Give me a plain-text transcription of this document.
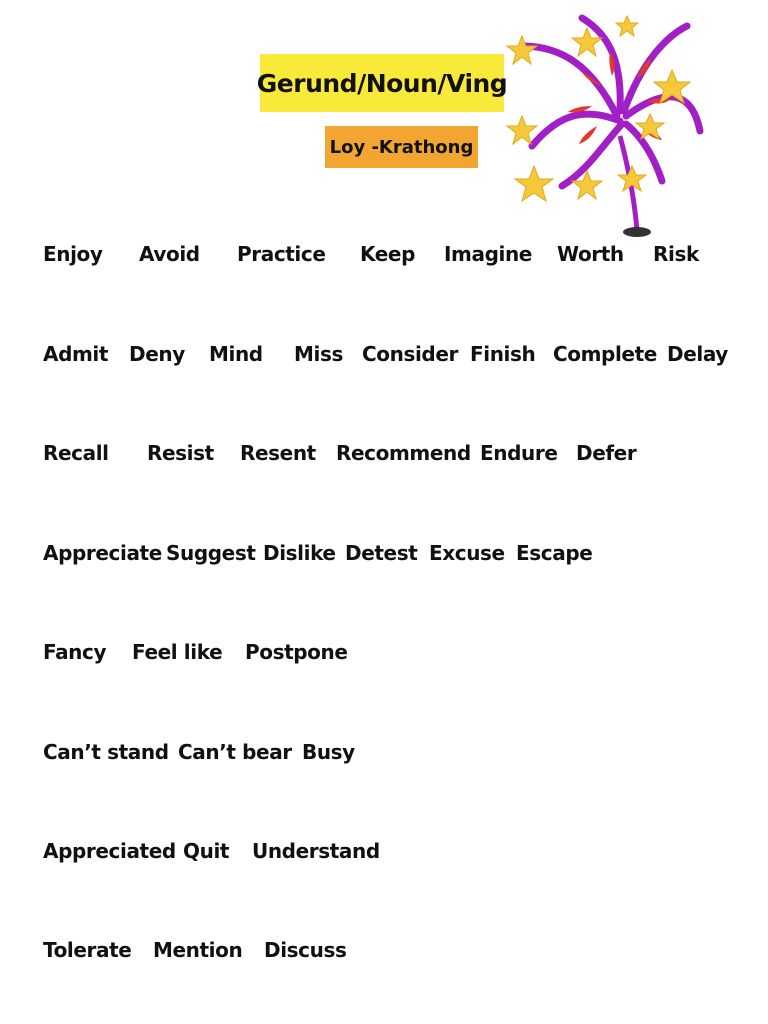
Gerund/Noun/Ving
Loy -Krathong
Enjoy Avoid Practice Keep Imagine Worth Risk
Admit Deny Mind Miss Consider Finish Complete Delay
Recall Resist Resent Recommend Endure Defer
Appreciate Suggest Dislike Detest Excuse Escape
Fancy Feel like Postpone
Can’t stand Can’t bear Busy
Appreciated Quit Understand
Tolerate Mention Discuss
